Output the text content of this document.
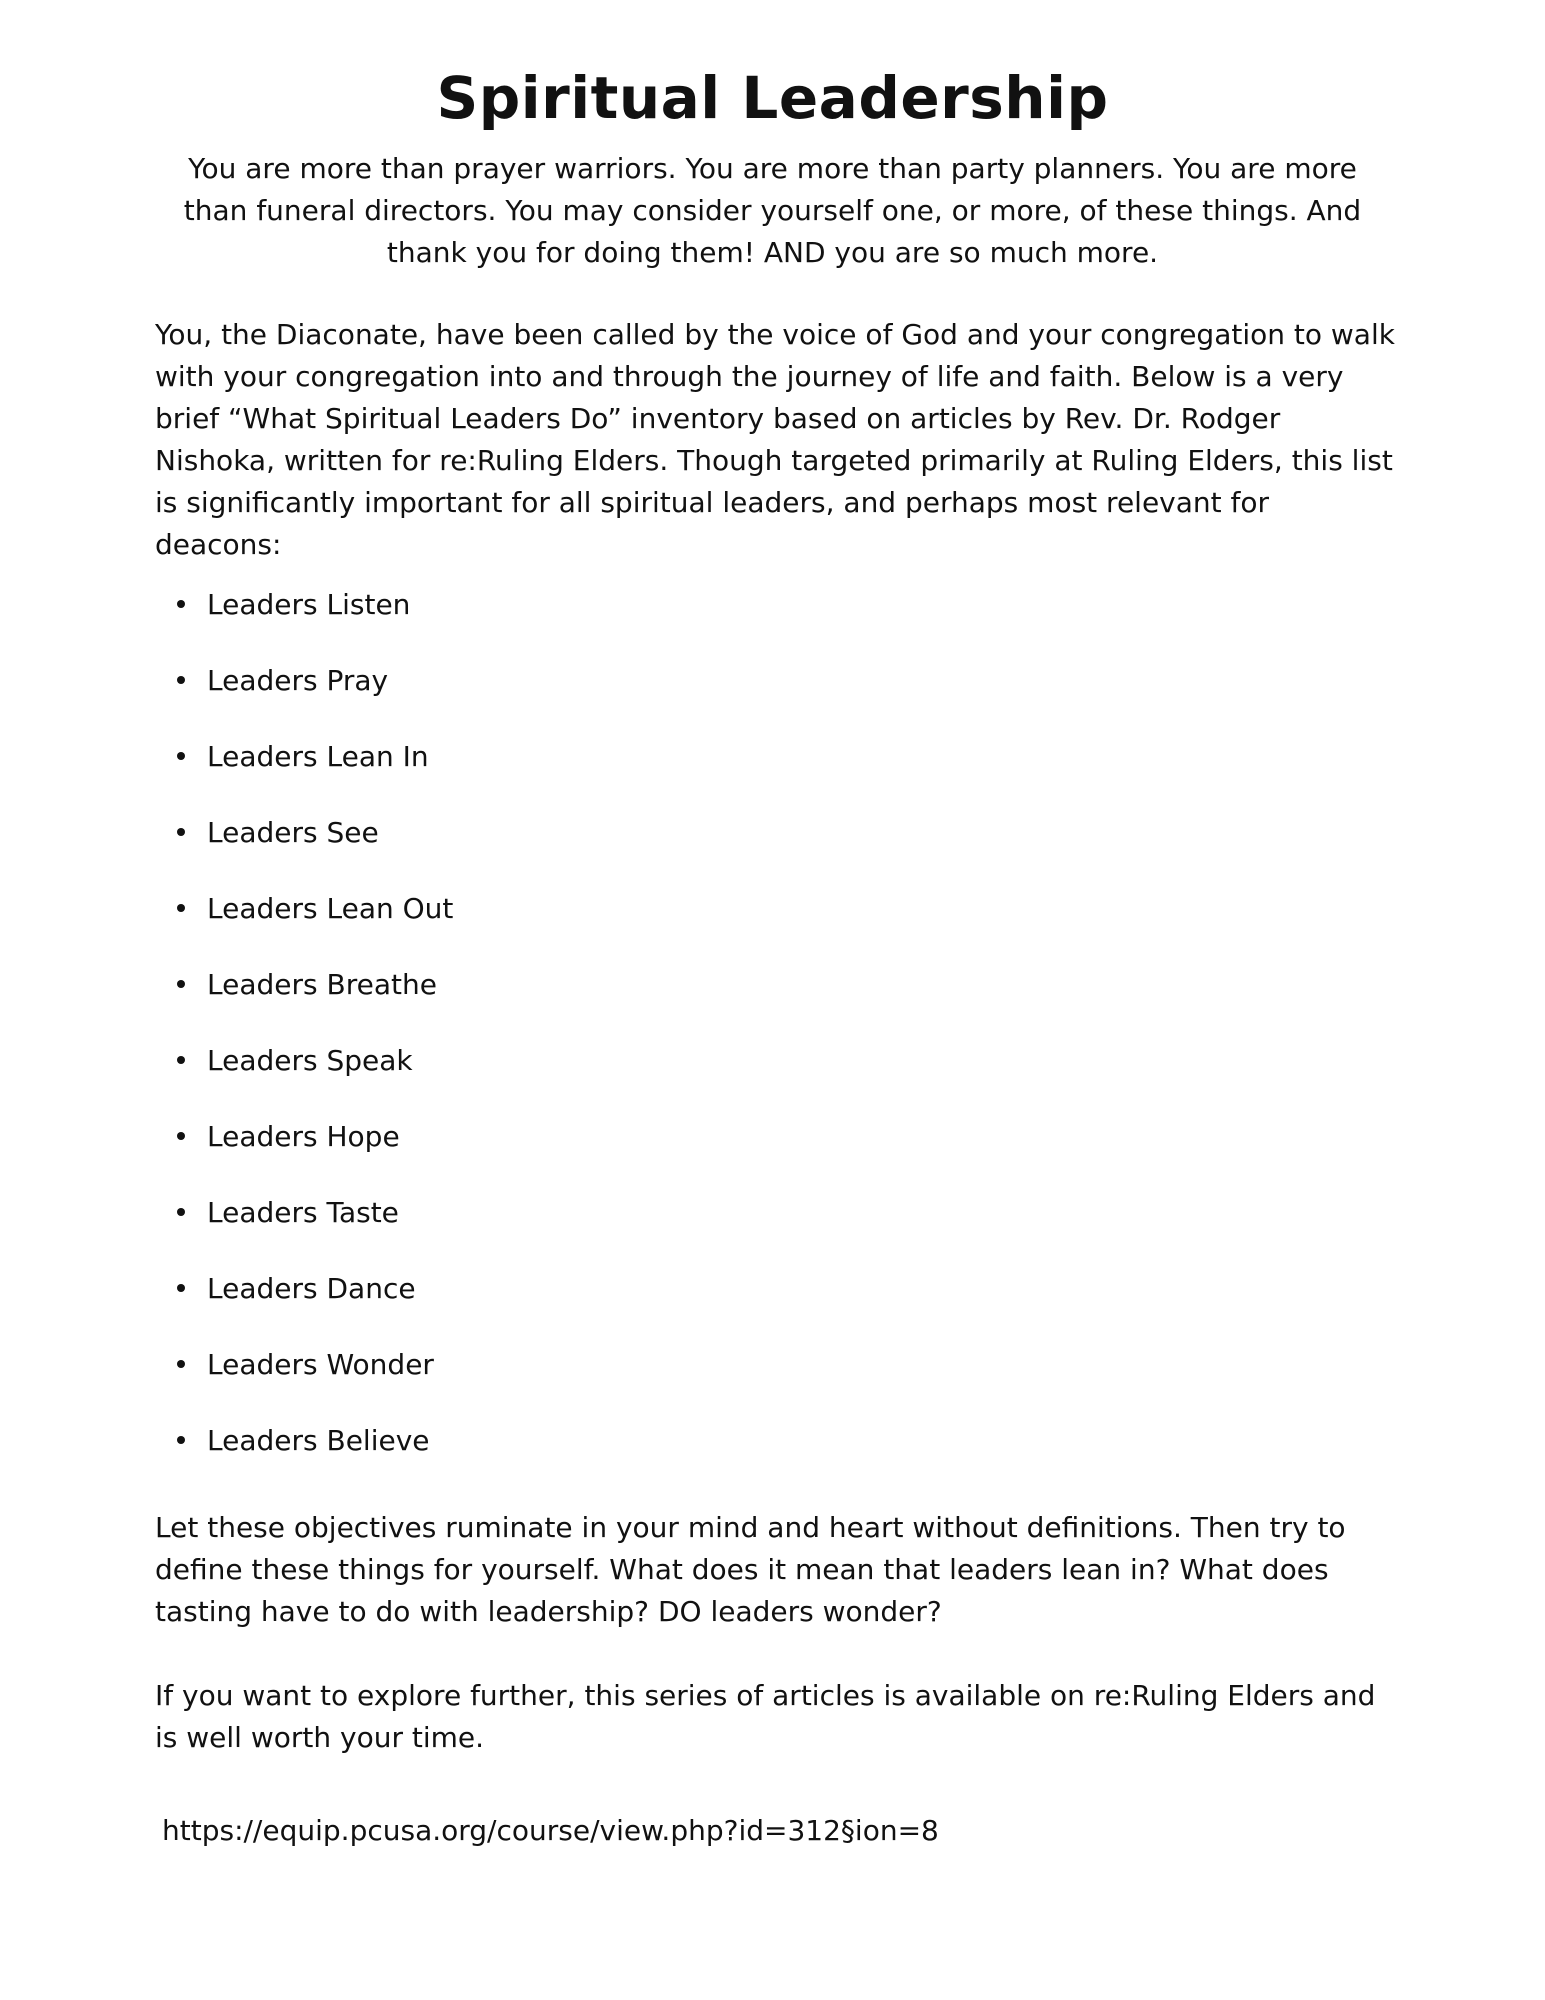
Spiritual Leadership

You are more than prayer warriors. You are more than party planners. You are more than funeral directors. You may consider yourself one, or more, of these things. And thank you for doing them! AND you are so much more.

You, the Diaconate, have been called by the voice of God and your congregation to walk with your congregation into and through the journey of life and faith. Below is a very brief “What Spiritual Leaders Do” inventory based on articles by Rev. Dr. Rodger Nishoka, written for re:Ruling Elders. Though targeted primarily at Ruling Elders, this list is significantly important for all spiritual leaders, and perhaps most relevant for deacons:

Leaders Listen
Leaders Pray
Leaders Lean In
Leaders See
Leaders Lean Out
Leaders Breathe
Leaders Speak
Leaders Hope
Leaders Taste
Leaders Dance
Leaders Wonder
Leaders Believe

Let these objectives ruminate in your mind and heart without definitions. Then try to define these things for yourself. What does it mean that leaders lean in? What does tasting have to do with leadership? DO leaders wonder?

If you want to explore further, this series of articles is available on re:Ruling Elders and is well worth your time.

https://equip.pcusa.org/course/view.php?id=312§ion=8
